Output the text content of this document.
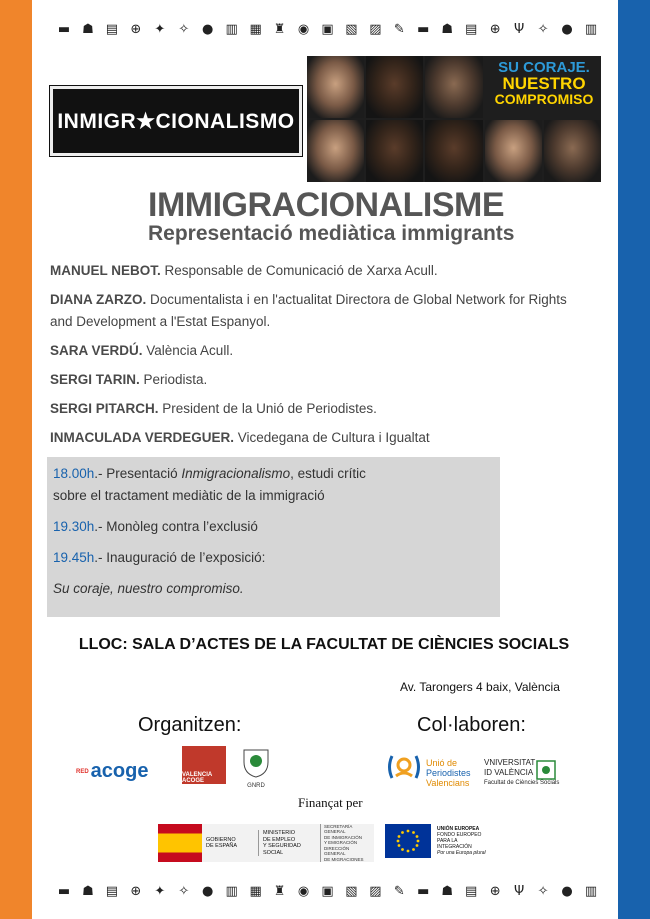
▬ ☗ ▤ ⊕ ✦ ✧ ● ▥ ▦ ♜ ◉ ▣ ▧ ▨ ✎ ▬ ☗ ▤ ⊕ Ψ ✧ ● ▥
INMIGR★CIONALISMO
SU CORAJE.
NUESTRO
COMPROMISO
IMMIGRACIONALISME
Representació mediàtica immigrants

MANUEL NEBOT. Responsable de Comunicació de Xarxa Acull.

DIANA ZARZO. Documentalista i en l'actualitat Directora de Global Network for Rights and Development a l'Estat Espanyol.

SARA VERDÚ. València Acull.

SERGI TARIN. Periodista.

SERGI PITARCH. President de la Unió de Periodistes.

INMACULADA VERDEGUER. Vicedegana de Cultura i Igualtat

18.00h.- Presentació Inmigracionalismo, estudi crític
sobre el tractament mediàtic de la immigració

19.30h.- Monòleg contra l’exclusió

19.45h.- Inauguració de l’exposició:

Su coraje, nuestro compromiso.

LLOC: SALA D’ACTES DE LA FACULTAT DE CIÈNCIES SOCIALS
Av. Tarongers 4 baix, València
Organitzen:	Col·laboren:
RED acoge	VALENCIA ACOGE
GNRD
Unió de
Periodistes
Valencians
VNIVERSITAT
ID VALÈNCIA
Facultat de Ciències Socials
Finançat per
GOBIERNO
DE ESPAÑA
MINISTERIO
DE EMPLEO
Y SEGURIDAD SOCIAL
SECRETARÍA GENERAL
DE INMIGRACIÓN
Y EMIGRACIÓN
DIRECCIÓN GENERAL
DE MIGRACIONES
UNIÓN EUROPEA
FONDO EUROPEO
PARA LA
INTEGRACIÓN
Por una Europa plural
▬ ☗ ▤ ⊕ ✦ ✧ ● ▥ ▦ ♜ ◉ ▣ ▧ ▨ ✎ ▬ ☗ ▤ ⊕ Ψ ✧ ● ▥
